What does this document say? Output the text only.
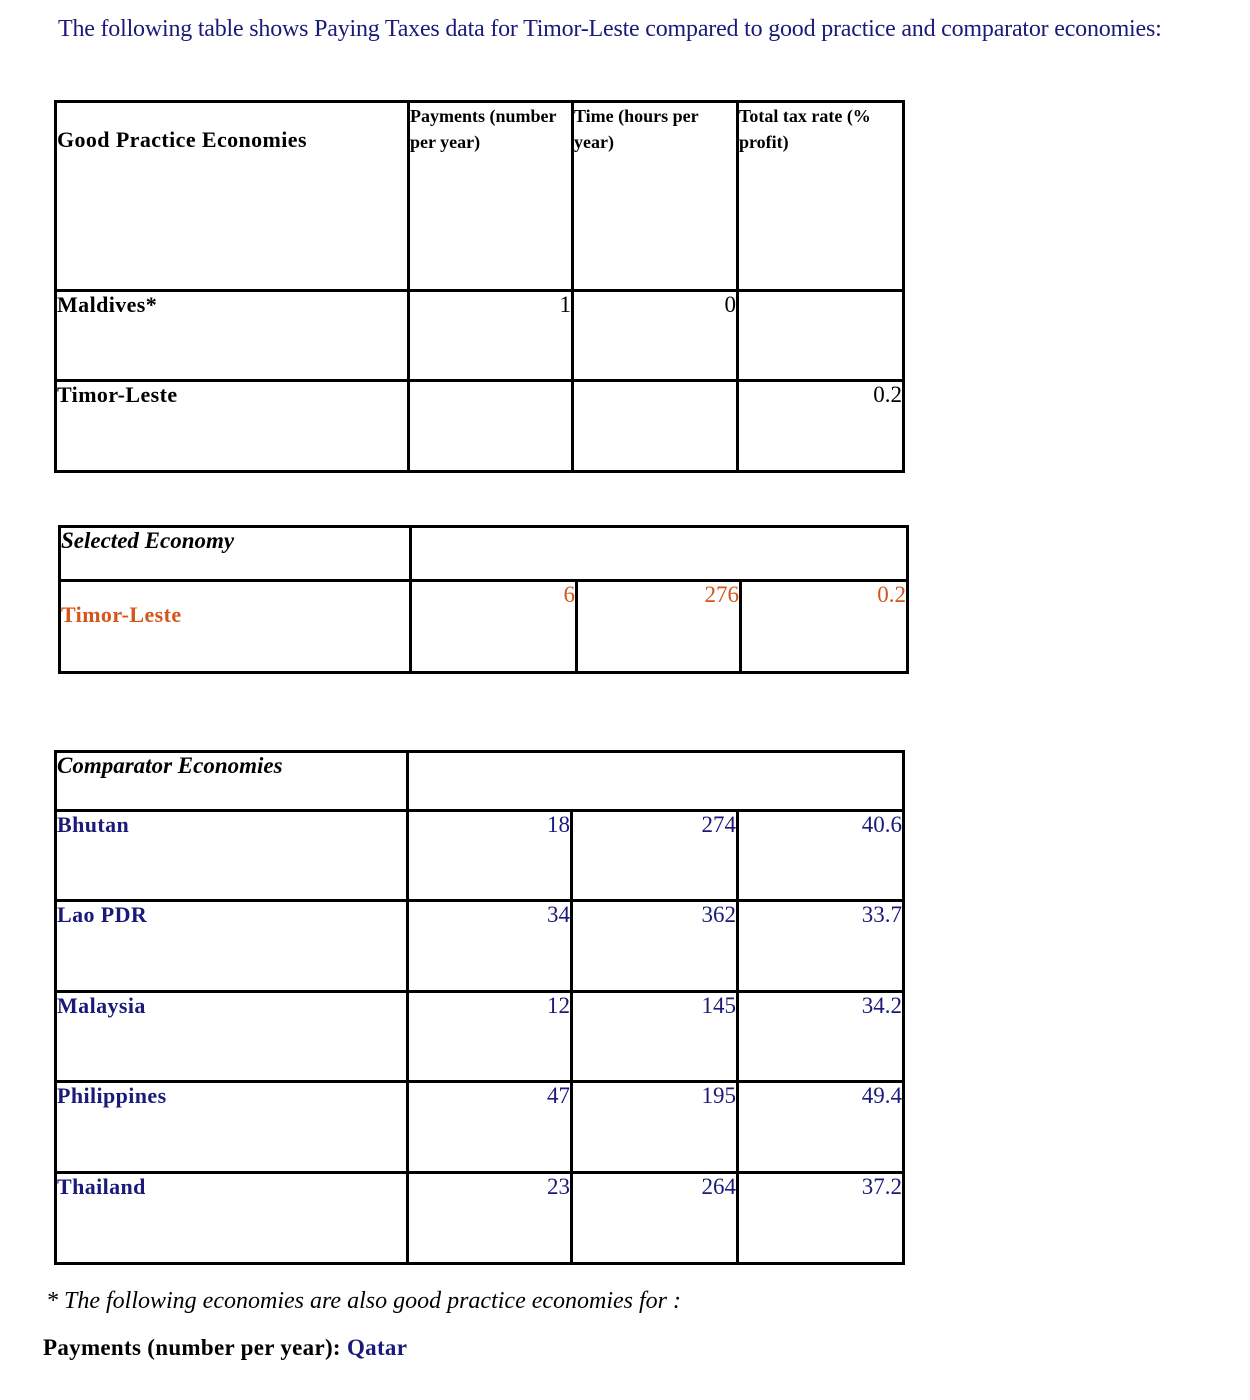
The following table shows Paying Taxes data for Timor-Leste compared to good practice and comparator economies:
Good Practice Economies	Payments (number per year)	Time (hours per year)	Total tax rate (% profit)
Maldives*	1	0	
Timor-Leste			0.2
Selected Economy			
Timor-Leste	6	276	0.2
Comparator Economies			
Bhutan	18	274	40.6
Lao PDR	34	362	33.7
Malaysia	12	145	34.2
Philippines	47	195	49.4
Thailand	23	264	37.2
* The following economies are also good practice economies for :
Payments (number per year): Qatar
